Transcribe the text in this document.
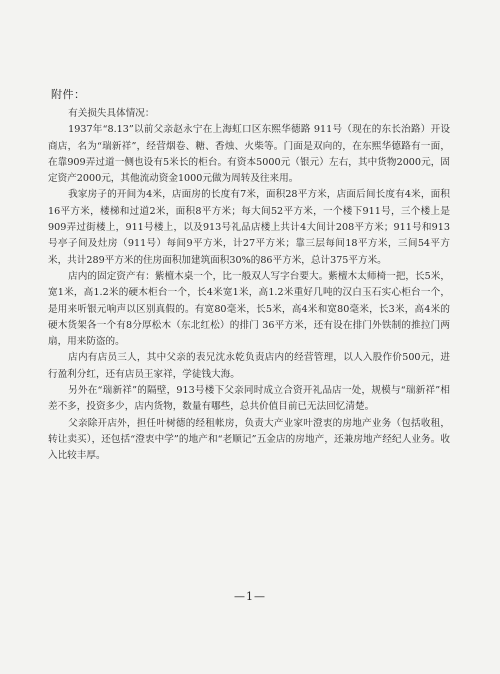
附件：

有关损失具体情况：

1937年“8.13”以前父亲赵永宁在上海虹口区东熙华德路 911号（现在的东长治路）开设商店，名为“瑞新祥”，经营烟卷、糖、香烛、火柴等。门面是双向的，在东熙华德路有一面，在靠909弄过道一侧也设有5米长的柜台。有资本5000元（银元）左右，其中货物2000元，固定资产2000元，其他流动资金1000元做为周转及往来用。

我家房子的开间为4米，店面房的长度有7米，面积28平方米，店面后间长度有4米，面积16平方米，楼梯和过道2米，面积8平方米；每大间52平方米，一个楼下911号，三个楼上是909弄过街楼上，911号楼上，以及913号礼品店楼上共计4大间计208平方米；911号和913号亭子间及灶房（911号）每间9平方米，计27平方米；靠三层每间18平方米，三间54平方米，共计289平方米的住房面积加建筑面积30%的86平方米，总计375平方米。

店内的固定资产有：紫檀木桌一个，比一般双人写字台要大。紫檀木太师椅一把，长5米，宽1米，高1.2米的硬木柜台一个，长4米宽1米，高1.2米重好几吨的汉白玉石实心柜台一个，是用来听银元响声以区别真假的。有宽80毫米，长5米，高4米和宽80毫米，长3米，高4米的硬木货架各一个有8分厚松木（东北红松）的排门 36平方米，还有设在排门外铁制的推拉门两扇，用来防盗的。

店内有店员三人，其中父亲的表兄沈永乾负责店内的经营管理，以人入股作价500元，进行盈利分红，还有店员王家祥，学徒钱大海。

另外在“瑞新祥”的隔壁，913号楼下父亲同时成立合资开礼品店一处，规模与“瑞新祥”相差不多，投资多少，店内货物，数量有哪些，总共价值目前已无法回忆清楚。

父亲除开店外，担任叶树德的经租帐房，负责大产业家叶澄衷的房地产业务（包括收租，转让卖买），还包括“澄衷中学”的地产和“老顺记”五金店的房地产，还兼房地产经纪人业务。收入比较丰厚。

—1—
